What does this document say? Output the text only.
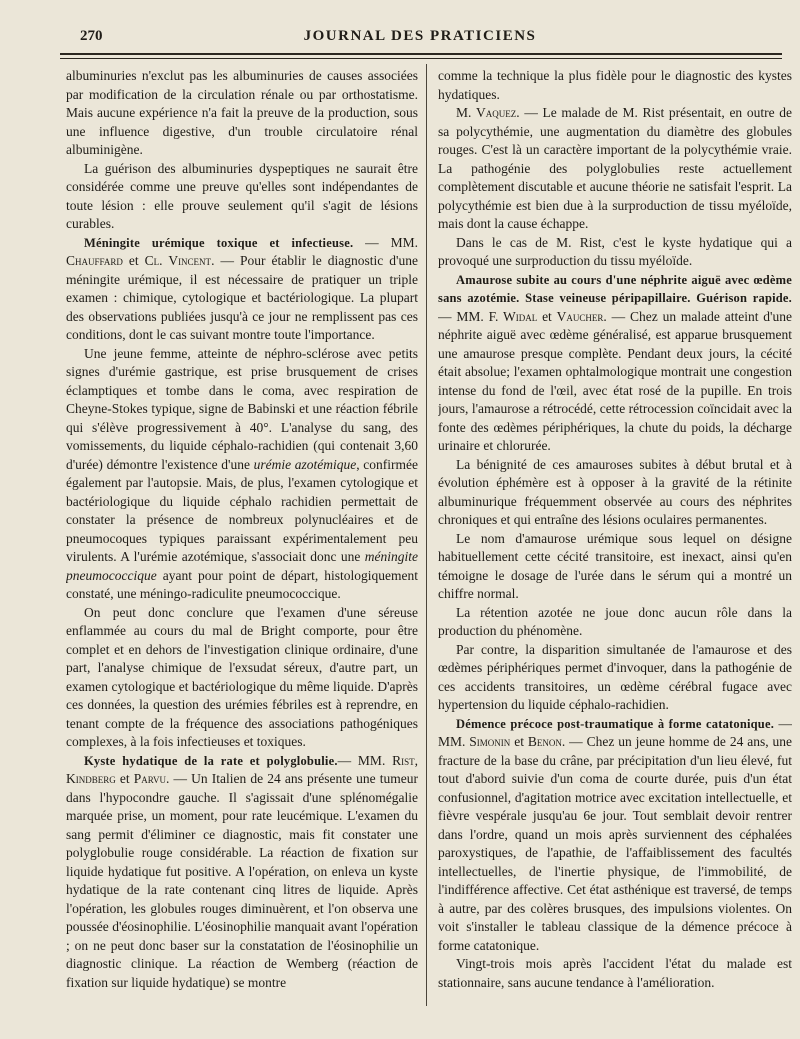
270	JOURNAL DES PRATICIENS

albuminuries n'exclut pas les albuminuries de causes associées par modification de la circulation rénale ou par orthostatisme. Mais aucune expérience n'a fait la preuve de la production, sous une influence digestive, d'un trouble circulatoire rénal albuminigène.

La guérison des albuminuries dyspeptiques ne saurait être considérée comme une preuve qu'elles sont indépendantes de toute lésion : elle prouve seulement qu'il s'agit de lésions curables.

Méningite urémique toxique et infectieuse. — MM. Chauffard et Cl. Vincent. — Pour établir le diagnostic d'une méningite urémique, il est nécessaire de pratiquer un triple examen : chimique, cytologique et bactériologique. La plupart des observations publiées jusqu'à ce jour ne remplissent pas ces conditions, dont le cas suivant montre toute l'importance.

Une jeune femme, atteinte de néphro-sclérose avec petits signes d'urémie gastrique, est prise brusquement de crises éclamptiques et tombe dans le coma, avec respiration de Cheyne-Stokes typique, signe de Babinski et une réaction fébrile qui s'élève progressivement à 40°. L'analyse du sang, des vomissements, du liquide céphalo-rachidien (qui contenait 3,60 d'urée) démontre l'existence d'une urémie azotémique, confirmée également par l'autopsie. Mais, de plus, l'examen cytologique et bactériologique du liquide céphalo rachidien permettait de constater la présence de nombreux polynucléaires et de pneumocoques typiques paraissant expérimentalement peu virulents. A l'urémie azotémique, s'associait donc une méningite pneumococcique ayant pour point de départ, histologiquement constaté, une méningo-radiculite pneumococcique.

On peut donc conclure que l'examen d'une séreuse enflammée au cours du mal de Bright comporte, pour être complet et en dehors de l'investigation clinique ordinaire, d'une part, l'analyse chimique de l'exsudat séreux, d'autre part, un examen cytologique et bactériologique du même liquide. D'après ces données, la question des urémies fébriles est à reprendre, en tenant compte de la fréquence des associations pathogéniques complexes, à la fois infectieuses et toxiques.

Kyste hydatique de la rate et polyglobulie.— MM. Rist, Kindberg et Parvu. — Un Italien de 24 ans présente une tumeur dans l'hypocondre gauche. Il s'agissait d'une splénomégalie marquée prise, un moment, pour rate leucémique. L'examen du sang permit d'éliminer ce diagnostic, mais fit constater une polyglobulie rouge considérable. La réaction de fixation sur liquide hydatique fut positive. A l'opération, on enleva un kyste hydatique de la rate contenant cinq litres de liquide. Après l'opération, les globules rouges diminuèrent, et l'on observa une poussée d'éosinophilie. L'éosinophilie manquait avant l'opération ; on ne peut donc baser sur la constatation de l'éosinophilie un diagnostic clinique. La réaction de Wemberg (réaction de fixation sur liquide hydatique) se montre

comme la technique la plus fidèle pour le diagnostic des kystes hydatiques.

M. Vaquez. — Le malade de M. Rist présentait, en outre de sa polycythémie, une augmentation du diamètre des globules rouges. C'est là un caractère important de la polycythémie vraie. La pathogénie des polyglobulies reste actuellement complètement discutable et aucune théorie ne satisfait l'esprit. La polycythémie est bien due à la surproduction de tissu myéloïde, mais dont la cause échappe.

Dans le cas de M. Rist, c'est le kyste hydatique qui a provoqué une surproduction du tissu myéloïde.

Amaurose subite au cours d'une néphrite aiguë avec œdème sans azotémie. Stase veineuse péripapillaire. Guérison rapide. — MM. F. Widal et Vaucher. — Chez un malade atteint d'une néphrite aiguë avec œdème généralisé, est apparue brusquement une amaurose presque complète. Pendant deux jours, la cécité était absolue; l'examen ophtalmologique montrait une congestion intense du fond de l'œil, avec état rosé de la pupille. En trois jours, l'amaurose a rétrocédé, cette rétrocession coïncidait avec la fonte des œdèmes périphériques, la chute du poids, la décharge urinaire et chlorurée.

La bénignité de ces amauroses subites à début brutal et à évolution éphémère est à opposer à la gravité de la rétinite albuminurique fréquemment observée au cours des néphrites chroniques et qui entraîne des lésions oculaires permanentes.

Le nom d'amaurose urémique sous lequel on désigne habituellement cette cécité transitoire, est inexact, ainsi qu'en témoigne le dosage de l'urée dans le sérum qui a montré un chiffre normal.

La rétention azotée ne joue donc aucun rôle dans la production du phénomène.

Par contre, la disparition simultanée de l'amaurose et des œdèmes périphériques permet d'invoquer, dans la pathogénie de ces accidents transitoires, un œdème cérébral fugace avec hypertension du liquide céphalo-rachidien.

Démence précoce post-traumatique à forme catatonique. — MM. Simonin et Benon. — Chez un jeune homme de 24 ans, une fracture de la base du crâne, par précipitation d'un lieu élevé, fut tout d'abord suivie d'un coma de courte durée, puis d'un état confusionnel, d'agitation motrice avec excitation intellectuelle, et fièvre vespérale jusqu'au 6e jour. Tout semblait devoir rentrer dans l'ordre, quand un mois après surviennent des céphalées paroxystiques, de l'apathie, de l'affaiblissement des facultés intellectuelles, de l'inertie physique, de l'immobilité, de l'indifférence affective. Cet état asthénique est traversé, de temps à autre, par des colères brusques, des impulsions violentes. On voit s'installer le tableau classique de la démence précoce à forme catatonique.

Vingt-trois mois après l'accident l'état du malade est stationnaire, sans aucune tendance à l'amélioration.
